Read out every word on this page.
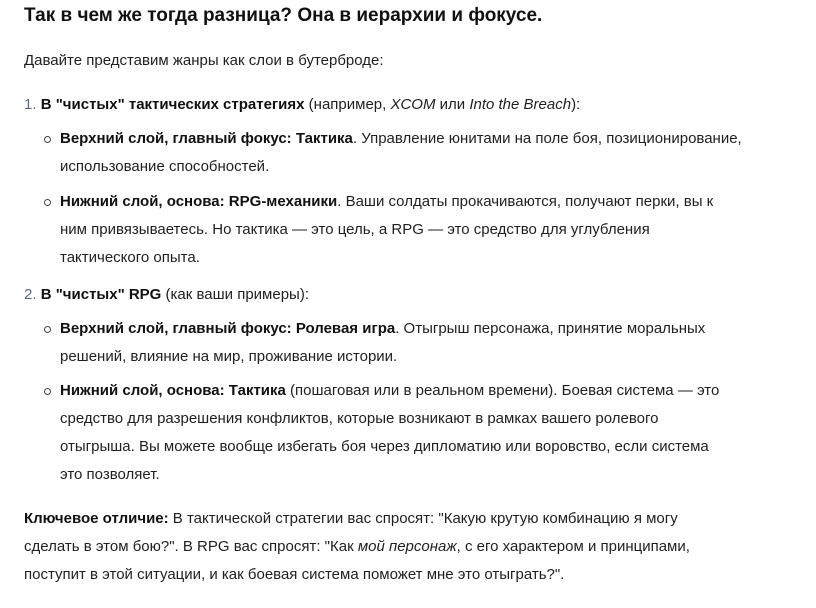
Так в чем же тогда разница? Она в иерархии и фокусе.

Давайте представим жанры как слои в бутерброде:

1. В "чистых" тактических стратегиях (например, XCOM или Into the Breach):
Верхний слой, главный фокус: Тактика. Управление юнитами на поле боя, позиционирование,
использование способностей.
Нижний слой, основа: RPG-механики. Ваши солдаты прокачиваются, получают перки, вы к
ним привязываетесь. Но тактика — это цель, а RPG — это средство для углубления
тактического опыта.
2. В "чистых" RPG (как ваши примеры):
Верхний слой, главный фокус: Ролевая игра. Отыгрыш персонажа, принятие моральных
решений, влияние на мир, проживание истории.
Нижний слой, основа: Тактика (пошаговая или в реальном времени). Боевая система — это
средство для разрешения конфликтов, которые возникают в рамках вашего ролевого
отыгрыша. Вы можете вообще избегать боя через дипломатию или воровство, если система
это позволяет.

Ключевое отличие: В тактической стратегии вас спросят: "Какую крутую комбинацию я могу
сделать в этом бою?". В RPG вас спросят: "Как мой персонаж, с его характером и принципами,
поступит в этой ситуации, и как боевая система поможет мне это отыграть?".
